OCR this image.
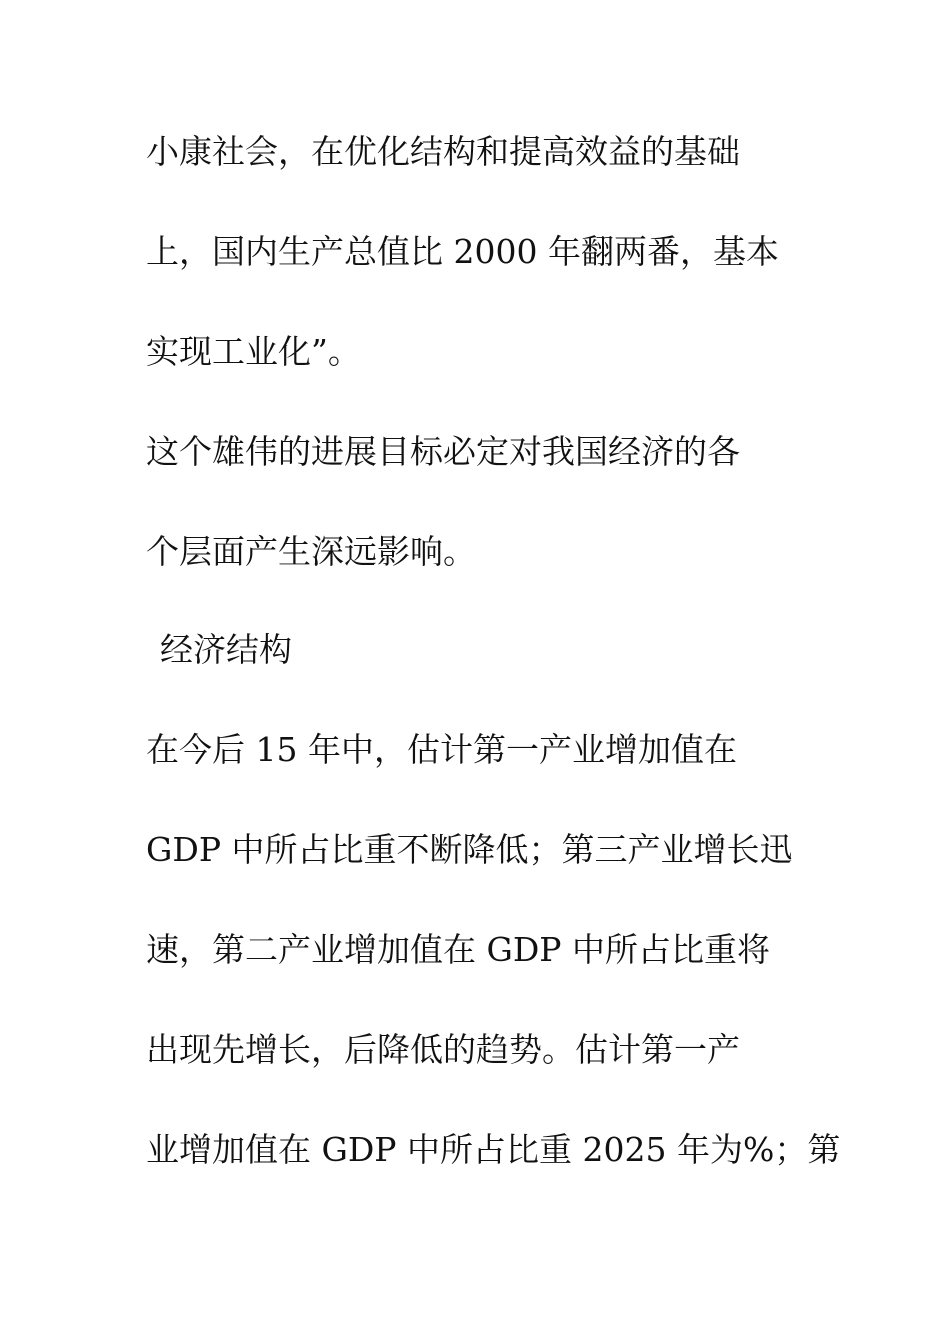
小康社会，在优化结构和提高效益的基础

上，国内生产总值比 2000 年翻两番，基本

实现工业化”。

这个雄伟的进展目标必定对我国经济的各

个层面产生深远影响。

经济结构

在今后 15 年中，估计第一产业增加值在

GDP 中所占比重不断降低；第三产业增长迅

速，第二产业增加值在 GDP 中所占比重将

出现先增长，后降低的趋势。估计第一产

业增加值在 GDP 中所占比重 2025 年为%；第
